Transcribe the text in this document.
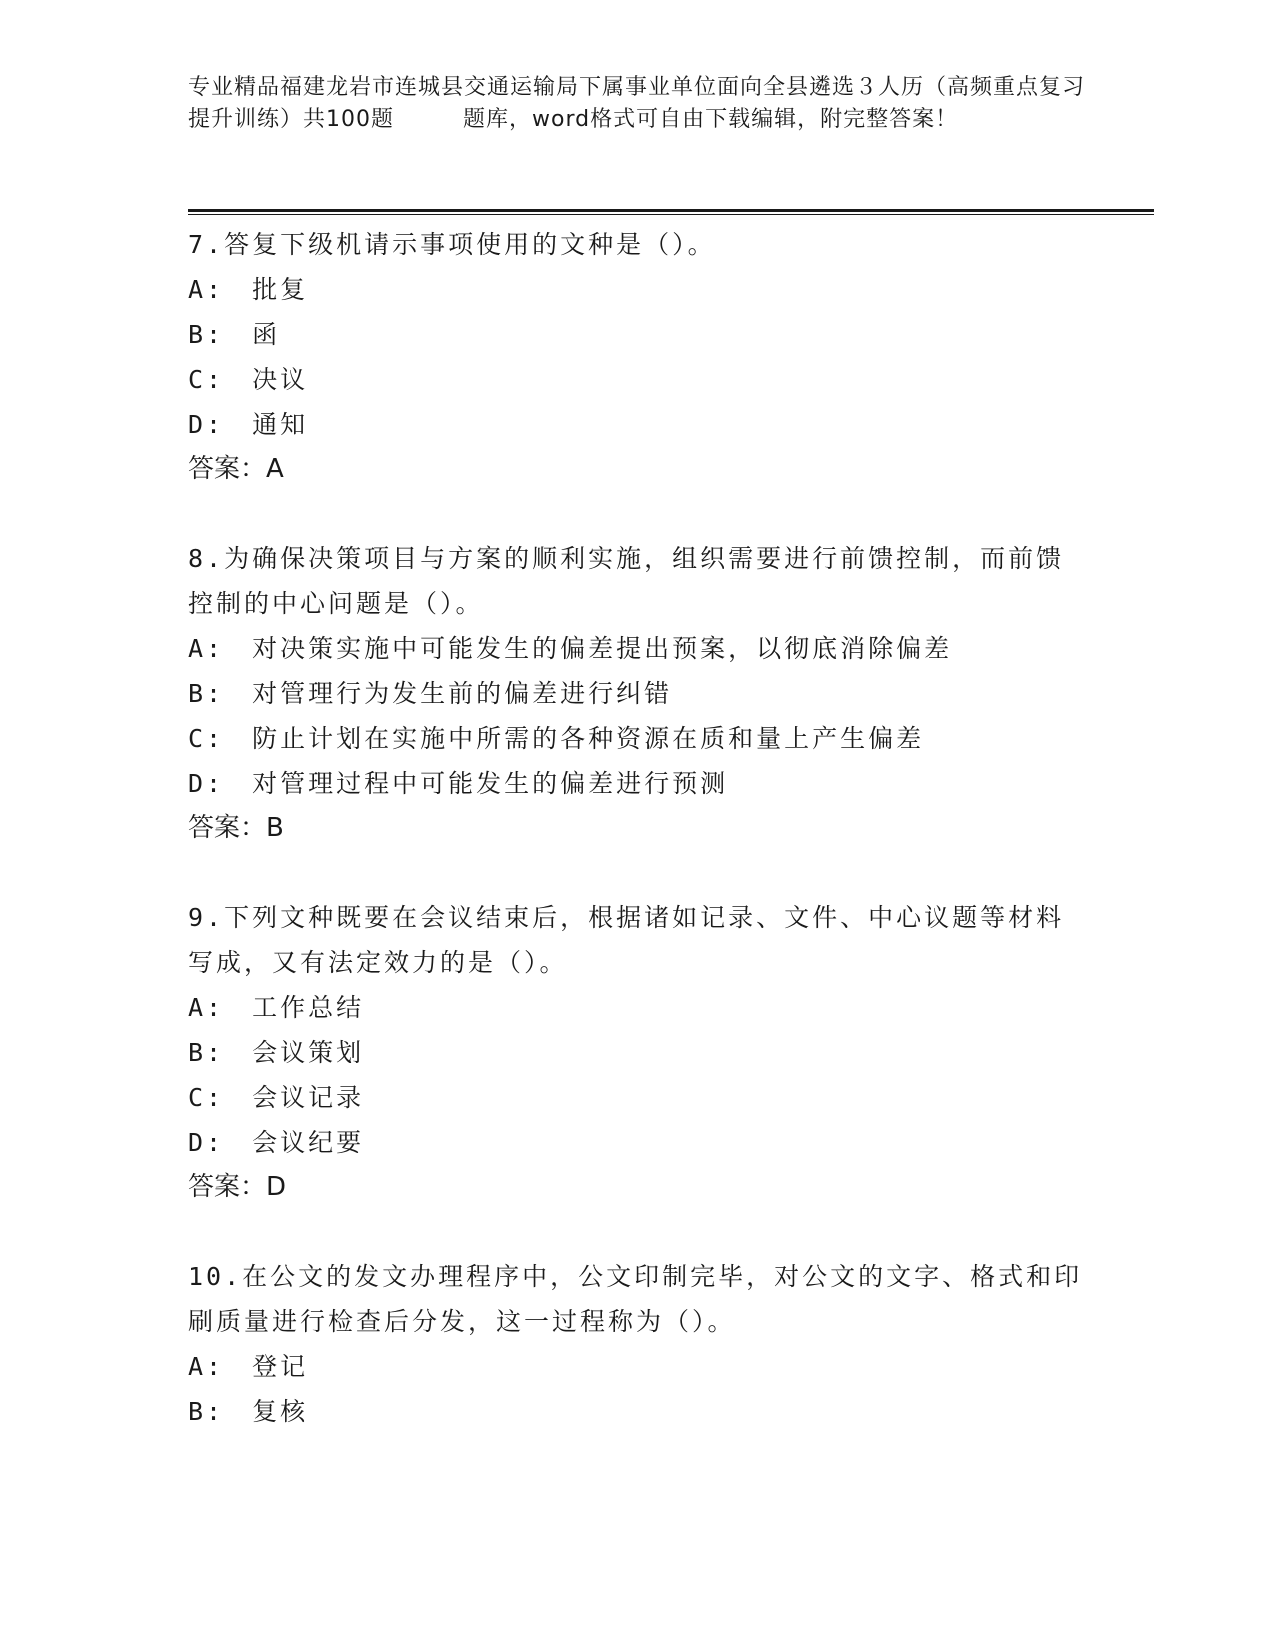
专业精品福建龙岩市连城县交通运输局下属事业单位面向全县遴选３人历（高频重点复习提升训练）共100题　　　题库，word格式可自由下载编辑，附完整答案！

7.答复下级机请示事项使用的文种是（）。

A:　批复

B:　函

C:　决议

D:　通知

答案：A

8.为确保决策项目与方案的顺利实施，组织需要进行前馈控制，而前馈控制的中心问题是（）。

A:　对决策实施中可能发生的偏差提出预案，以彻底消除偏差

B:　对管理行为发生前的偏差进行纠错

C:　防止计划在实施中所需的各种资源在质和量上产生偏差

D:　对管理过程中可能发生的偏差进行预测

答案：B

9.下列文种既要在会议结束后，根据诸如记录、文件、中心议题等材料写成，又有法定效力的是（）。

A:　工作总结

B:　会议策划

C:　会议记录

D:　会议纪要

答案：D

10.在公文的发文办理程序中，公文印制完毕，对公文的文字、格式和印刷质量进行检查后分发，这一过程称为（）。

A:　登记

B:　复核
